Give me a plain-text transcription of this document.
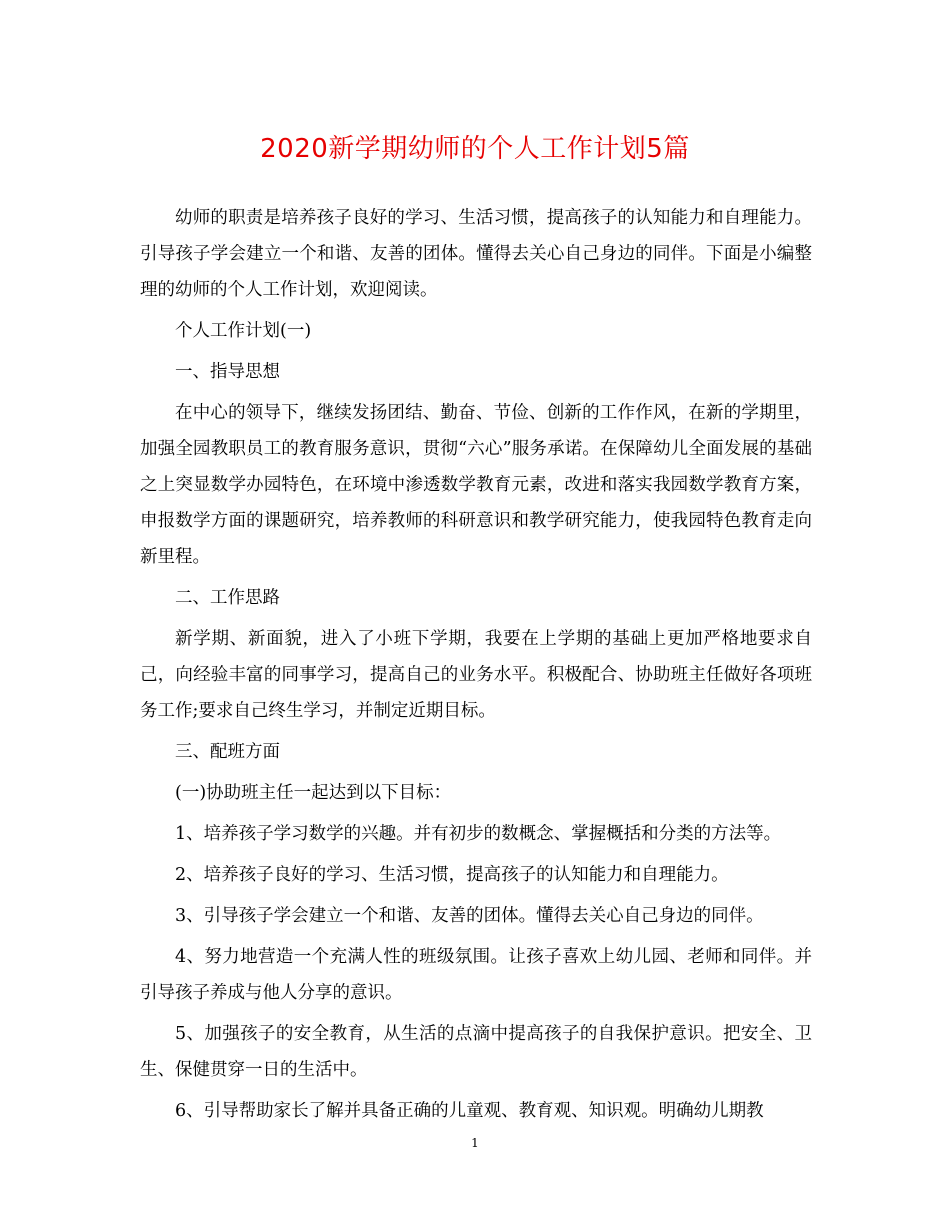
2020新学期幼师的个人工作计划5篇

幼师的职责是培养孩子良好的学习、生活习惯，提高孩子的认知能力和自理能力。引导孩子学会建立一个和谐、友善的团体。懂得去关心自己身边的同伴。下面是小编整理的幼师的个人工作计划，欢迎阅读。

个人工作计划(一)

一、指导思想

在中心的领导下，继续发扬团结、勤奋、节俭、创新的工作作风，在新的学期里，加强全园教职员工的教育服务意识，贯彻“六心”服务承诺。在保障幼儿全面发展的基础之上突显数学办园特色，在环境中渗透数学教育元素，改进和落实我园数学教育方案，申报数学方面的课题研究，培养教师的科研意识和教学研究能力，使我园特色教育走向新里程。

二、工作思路

新学期、新面貌，进入了小班下学期，我要在上学期的基础上更加严格地要求自己，向经验丰富的同事学习，提高自己的业务水平。积极配合、协助班主任做好各项班务工作;要求自己终生学习，并制定近期目标。

三、配班方面

(一)协助班主任一起达到以下目标：

1、培养孩子学习数学的兴趣。并有初步的数概念、掌握概括和分类的方法等。

2、培养孩子良好的学习、生活习惯，提高孩子的认知能力和自理能力。

3、引导孩子学会建立一个和谐、友善的团体。懂得去关心自己身边的同伴。

4、努力地营造一个充满人性的班级氛围。让孩子喜欢上幼儿园、老师和同伴。并引导孩子养成与他人分享的意识。

5、加强孩子的安全教育，从生活的点滴中提高孩子的自我保护意识。把安全、卫生、保健贯穿一日的生活中。

6、引导帮助家长了解并具备正确的儿童观、教育观、知识观。明确幼儿期教

1
